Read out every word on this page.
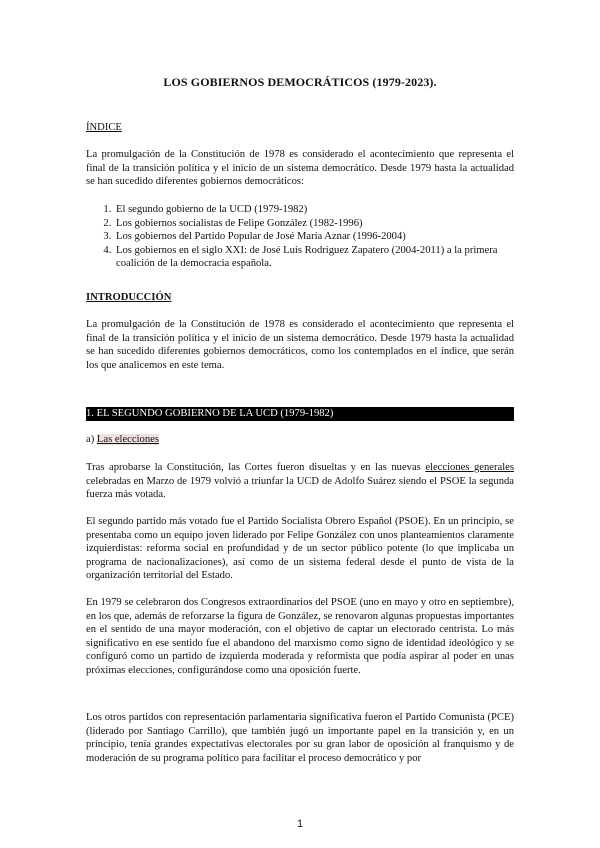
LOS GOBIERNOS DEMOCRÁTICOS (1979-2023).
ÍNDICE

La promulgación de la Constitución de 1978 es considerado el acontecimiento que representa el final de la transición política y el inicio de un sistema democrático. Desde 1979 hasta la actualidad se han sucedido diferentes gobiernos democráticos:

1. El segundo gobierno de la UCD (1979-1982)
2. Los gobiernos socialistas de Felipe González (1982-1996)
3. Los gobiernos del Partido Popular de José María Aznar (1996-2004)
4. Los gobiernos en el siglo XXI: de José Luis Rodríguez Zapatero (2004-2011) a la primera coalición de la democracia española.
INTRODUCCIÓN

La promulgación de la Constitución de 1978 es considerado el acontecimiento que representa el final de la transición política y el inicio de un sistema democrático. Desde 1979 hasta la actualidad se han sucedido diferentes gobiernos democráticos, como los contemplados en el índice, que serán los que analicemos en este tema.

1. EL SEGUNDO GOBIERNO DE LA UCD (1979-1982)
a) Las elecciones

Tras aprobarse la Constitución, las Cortes fueron disueltas y en las nuevas elecciones generales celebradas en Marzo de 1979 volvió a triunfar la UCD de Adolfo Suárez siendo el PSOE la segunda fuerza más votada.

El segundo partido más votado fue el Partido Socialista Obrero Español (PSOE). En un principio, se presentaba como un equipo joven liderado por Felipe González con unos planteamientos claramente izquierdistas: reforma social en profundidad y de un sector público potente (lo que implicaba un programa de nacionalizaciones), así como de un sistema federal desde el punto de vista de la organización territorial del Estado.

En 1979 se celebraron dos Congresos extraordinarios del PSOE (uno en mayo y otro en septiembre), en los que, además de reforzarse la figura de González, se renovaron algunas propuestas importantes en el sentido de una mayor moderación, con el objetivo de captar un electorado centrista. Lo más significativo en ese sentido fue el abandono del marxismo como signo de identidad ideológico y se configuró como un partido de izquierda moderada y reformista que podía aspirar al poder en unas próximas elecciones, configurándose como una oposición fuerte.

Los otros partidos con representación parlamentaria significativa fueron el Partido Comunista (PCE) (liderado por Santiago Carrillo), que también jugó un importante papel en la transición y, en un principio, tenía grandes expectativas electorales por su gran labor de oposición al franquismo y de moderación de su programa político para facilitar el proceso democrático y por

1
